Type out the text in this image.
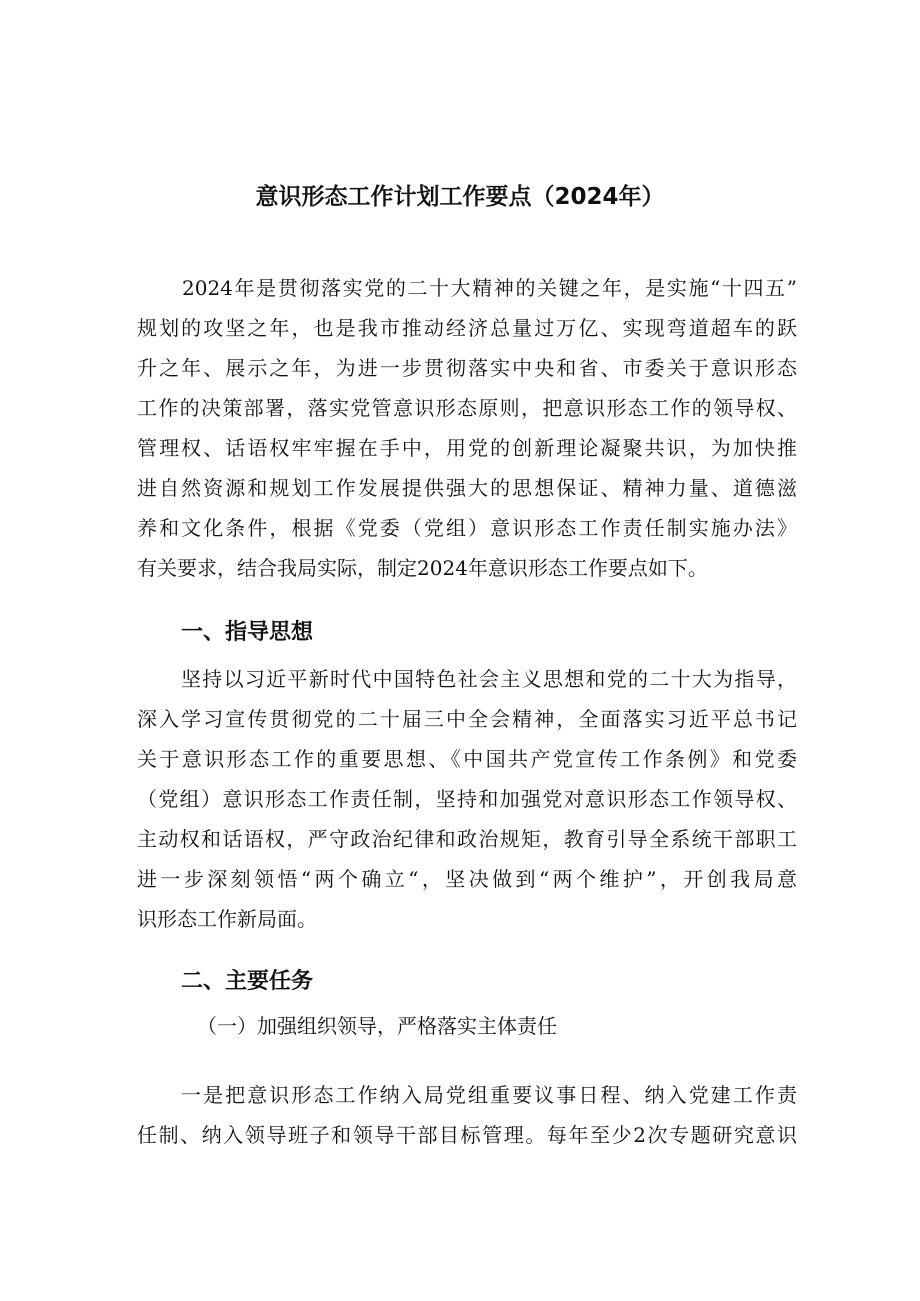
意识形态工作计划工作要点（2024年）
2024年是贯彻落实党的二十大精神的关键之年，是实施“十四五”
规划的攻坚之年，也是我市推动经济总量过万亿、实现弯道超车的跃
升之年、展示之年，为进一步贯彻落实中央和省、市委关于意识形态
工作的决策部署，落实党管意识形态原则，把意识形态工作的领导权、
管理权、话语权牢牢握在手中，用党的创新理论凝聚共识，为加快推
进自然资源和规划工作发展提供强大的思想保证、精神力量、道德滋
养和文化条件，根据《党委（党组）意识形态工作责任制实施办法》
有关要求，结合我局实际，制定2024年意识形态工作要点如下。
一、指导思想
坚持以习近平新时代中国特色社会主义思想和党的二十大为指导，
深入学习宣传贯彻党的二十届三中全会精神，全面落实习近平总书记
关于意识形态工作的重要思想、《中国共产党宣传工作条例》和党委
（党组）意识形态工作责任制，坚持和加强党对意识形态工作领导权、
主动权和话语权，严守政治纪律和政治规矩，教育引导全系统干部职工
进一步深刻领悟“两个确立“，坚决做到“两个维护”，开创我局意
识形态工作新局面。
二、主要任务
（一）加强组织领导，严格落实主体责任
一是把意识形态工作纳入局党组重要议事日程、纳入党建工作责
任制、纳入领导班子和领导干部目标管理。每年至少2次专题研究意识
